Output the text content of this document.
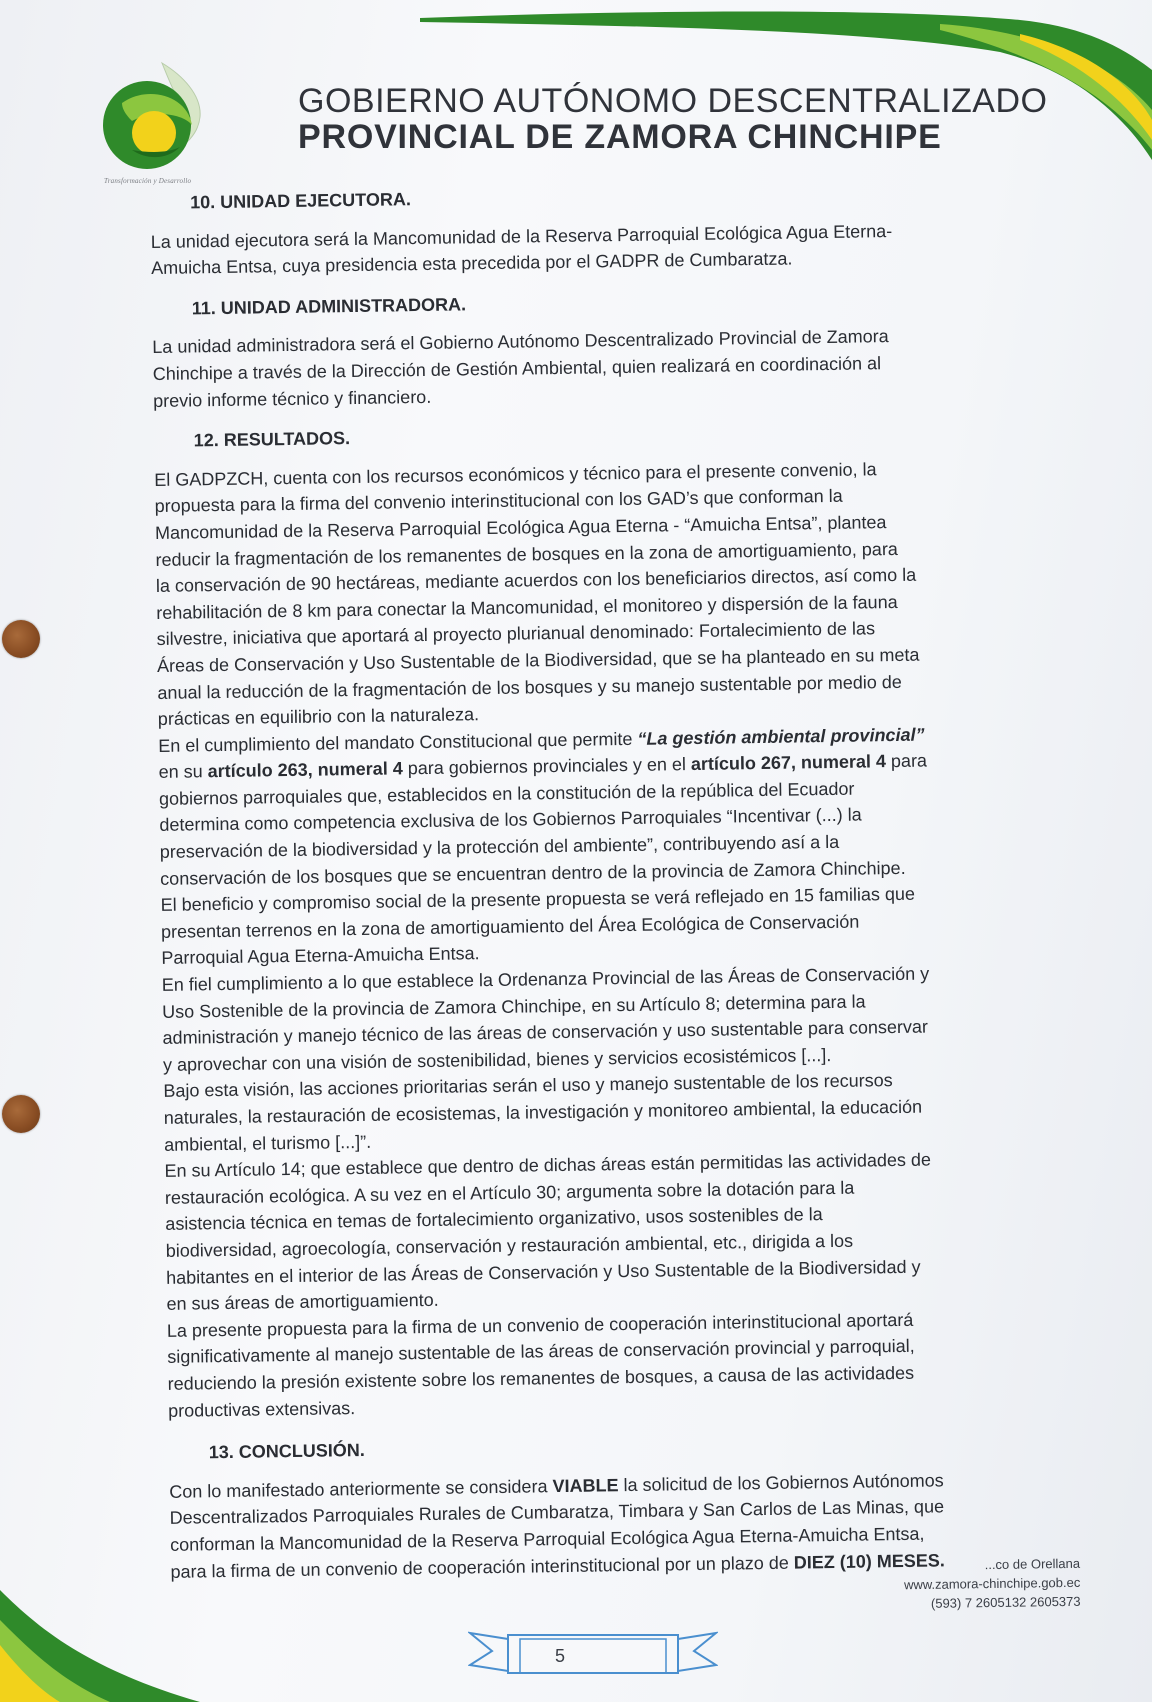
Transformación y Desarrollo
GOBIERNO AUTÓNOMO DESCENTRALIZADO
PROVINCIAL DE ZAMORA CHINCHIPE
10. UNIDAD EJECUTORA.

La unidad ejecutora será la Mancomunidad de la Reserva Parroquial Ecológica Agua Eterna-
Amuicha Entsa, cuya presidencia esta precedida por el GADPR de Cumbaratza.

11. UNIDAD ADMINISTRADORA.

La unidad administradora será el Gobierno Autónomo Descentralizado Provincial de Zamora
Chinchipe a través de la Dirección de Gestión Ambiental, quien realizará en coordinación al
previo informe técnico y financiero.

12. RESULTADOS.

El GADPZCH, cuenta con los recursos económicos y técnico para el presente convenio, la
propuesta para la firma del convenio interinstitucional con los GAD’s que conforman la
Mancomunidad de la Reserva Parroquial Ecológica Agua Eterna - “Amuicha Entsa”, plantea
reducir la fragmentación de los remanentes de bosques en la zona de amortiguamiento, para
la conservación de 90 hectáreas, mediante acuerdos con los beneficiarios directos, así como la
rehabilitación de 8 km para conectar la Mancomunidad, el monitoreo y dispersión de la fauna
silvestre, iniciativa que aportará al proyecto plurianual denominado: Fortalecimiento de las
Áreas de Conservación y Uso Sustentable de la Biodiversidad, que se ha planteado en su meta
anual la reducción de la fragmentación de los bosques y su manejo sustentable por medio de
prácticas en equilibrio con la naturaleza.

En el cumplimiento del mandato Constitucional que permite “La gestión ambiental provincial”
en su artículo 263, numeral 4 para gobiernos provinciales y en el artículo 267, numeral 4 para

gobiernos parroquiales que, establecidos en la constitución de la república del Ecuador
determina como competencia exclusiva de los Gobiernos Parroquiales “Incentivar (...) la
preservación de la biodiversidad y la protección del ambiente”, contribuyendo así a la
conservación de los bosques que se encuentran dentro de la provincia de Zamora Chinchipe.
El beneficio y compromiso social de la presente propuesta se verá reflejado en 15 familias que
presentan terrenos en la zona de amortiguamiento del Área Ecológica de Conservación
Parroquial Agua Eterna-Amuicha Entsa.
En fiel cumplimiento a lo que establece la Ordenanza Provincial de las Áreas de Conservación y
Uso Sostenible de la provincia de Zamora Chinchipe, en su Artículo 8; determina para la
administración y manejo técnico de las áreas de conservación y uso sustentable para conservar
y aprovechar con una visión de sostenibilidad, bienes y servicios ecosistémicos [...].
Bajo esta visión, las acciones prioritarias serán el uso y manejo sustentable de los recursos
naturales, la restauración de ecosistemas, la investigación y monitoreo ambiental, la educación
ambiental, el turismo [...]”.
En su Artículo 14; que establece que dentro de dichas áreas están permitidas las actividades de
restauración ecológica. A su vez en el Artículo 30; argumenta sobre la dotación para la
asistencia técnica en temas de fortalecimiento organizativo, usos sostenibles de la
biodiversidad, agroecología, conservación y restauración ambiental, etc., dirigida a los
habitantes en el interior de las Áreas de Conservación y Uso Sustentable de la Biodiversidad y
en sus áreas de amortiguamiento.
La presente propuesta para la firma de un convenio de cooperación interinstitucional aportará
significativamente al manejo sustentable de las áreas de conservación provincial y parroquial,
reduciendo la presión existente sobre los remanentes de bosques, a causa de las actividades
productivas extensivas.

13. CONCLUSIÓN.

Con lo manifestado anteriormente se considera VIABLE la solicitud de los Gobiernos Autónomos
Descentralizados Parroquiales Rurales de Cumbaratza, Timbara y San Carlos de Las Minas, que
conforman la Mancomunidad de la Reserva Parroquial Ecológica Agua Eterna-Amuicha Entsa,
para la firma de un convenio de cooperación interinstitucional por un plazo de DIEZ (10) MESES.	...co de Orellana
www.zamora-chinchipe.gob.ec
(593) 7 2605132 2605373
5
